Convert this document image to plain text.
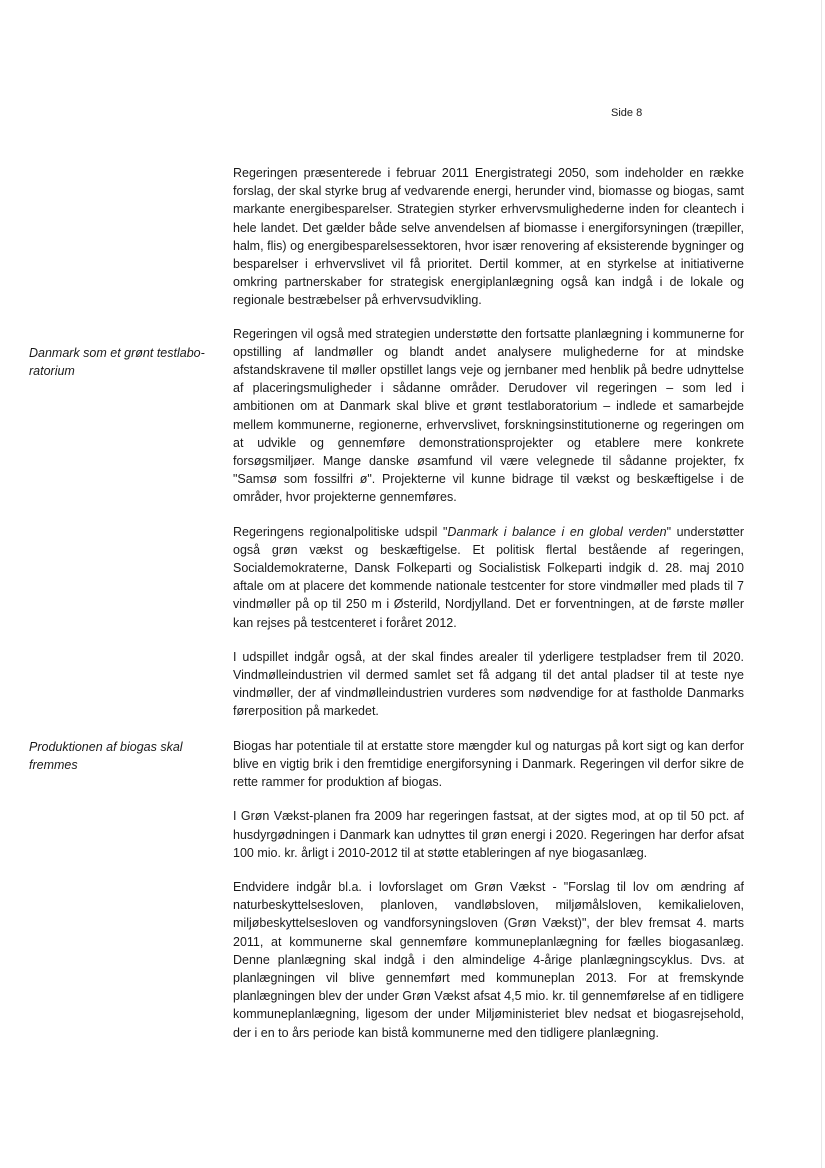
Side 8
Danmark som et grønt testlabo-ratorium
Produktionen af biogas skal fremmes

Regeringen præsenterede i februar 2011 Energistrategi 2050, som indeholder en række forslag, der skal styrke brug af vedvarende energi, herunder vind, biomasse og biogas, samt markante energibesparelser. Strategien styrker erhvervsmulighederne inden for cleantech i hele landet. Det gælder både selve anvendelsen af biomasse i energiforsyningen (træpiller, halm, flis) og energibesparelsessektoren, hvor især renovering af eksisterende bygninger og besparelser i erhvervslivet vil få prioritet. Dertil kommer, at en styrkelse at initiativerne omkring partnerskaber for strategisk energiplanlægning også kan indgå i de lokale og regionale bestræbelser på erhvervsudvikling.

Regeringen vil også med strategien understøtte den fortsatte planlægning i kommunerne for opstilling af landmøller og blandt andet analysere mulighederne for at mindske afstandskravene til møller opstillet langs veje og jernbaner med henblik på bedre udnyttelse af placeringsmuligheder i sådanne områder. Derudover vil regeringen – som led i ambitionen om at Danmark skal blive et grønt testlaboratorium – indlede et samarbejde mellem kommunerne, regionerne, erhvervslivet, forskningsinstitutionerne og regeringen om at udvikle og gennemføre demonstrationsprojekter og etablere mere konkrete forsøgsmiljøer. Mange danske øsamfund vil være velegnede til sådanne projekter, fx "Samsø som fossilfri ø". Projekterne vil kunne bidrage til vækst og beskæftigelse i de områder, hvor projekterne gennemføres.

Regeringens regionalpolitiske udspil "Danmark i balance i en global verden" understøtter også grøn vækst og beskæftigelse. Et politisk flertal bestående af regeringen, Socialdemokraterne, Dansk Folkeparti og Socialistisk Folkeparti indgik d. 28. maj 2010 aftale om at placere det kommende nationale testcenter for store vindmøller med plads til 7 vindmøller på op til 250 m i Østerild, Nordjylland. Det er forventningen, at de første møller kan rejses på testcenteret i foråret 2012.

I udspillet indgår også, at der skal findes arealer til yderligere testpladser frem til 2020. Vindmølleindustrien vil dermed samlet set få adgang til det antal pladser til at teste nye vindmøller, der af vindmølleindustrien vurderes som nødvendige for at fastholde Danmarks førerposition på markedet.

Biogas har potentiale til at erstatte store mængder kul og naturgas på kort sigt og kan derfor blive en vigtig brik i den fremtidige energiforsyning i Danmark. Regeringen vil derfor sikre de rette rammer for produktion af biogas.

I Grøn Vækst-planen fra 2009 har regeringen fastsat, at der sigtes mod, at op til 50 pct. af husdyrgødningen i Danmark kan udnyttes til grøn energi i 2020. Regeringen har derfor afsat 100 mio. kr. årligt i 2010-2012 til at støtte etableringen af nye biogasanlæg.

Endvidere indgår bl.a. i lovforslaget om Grøn Vækst - "Forslag til lov om ændring af naturbeskyttelsesloven, planloven, vandløbsloven, miljømålsloven, kemikalieloven, miljøbeskyttelsesloven og vandforsyningsloven (Grøn Vækst)", der blev fremsat 4. marts 2011, at kommunerne skal gennemføre kommuneplanlægning for fælles biogasanlæg. Denne planlægning skal indgå i den almindelige 4-årige planlægningscyklus. Dvs. at planlægningen vil blive gennemført med kommuneplan 2013. For at fremskynde planlægningen blev der under Grøn Vækst afsat 4,5 mio. kr. til gennemførelse af en tidligere kommuneplanlægning, ligesom der under Miljøministeriet blev nedsat et biogasrejsehold, der i en to års periode kan bistå kommunerne med den tidligere planlægning.
